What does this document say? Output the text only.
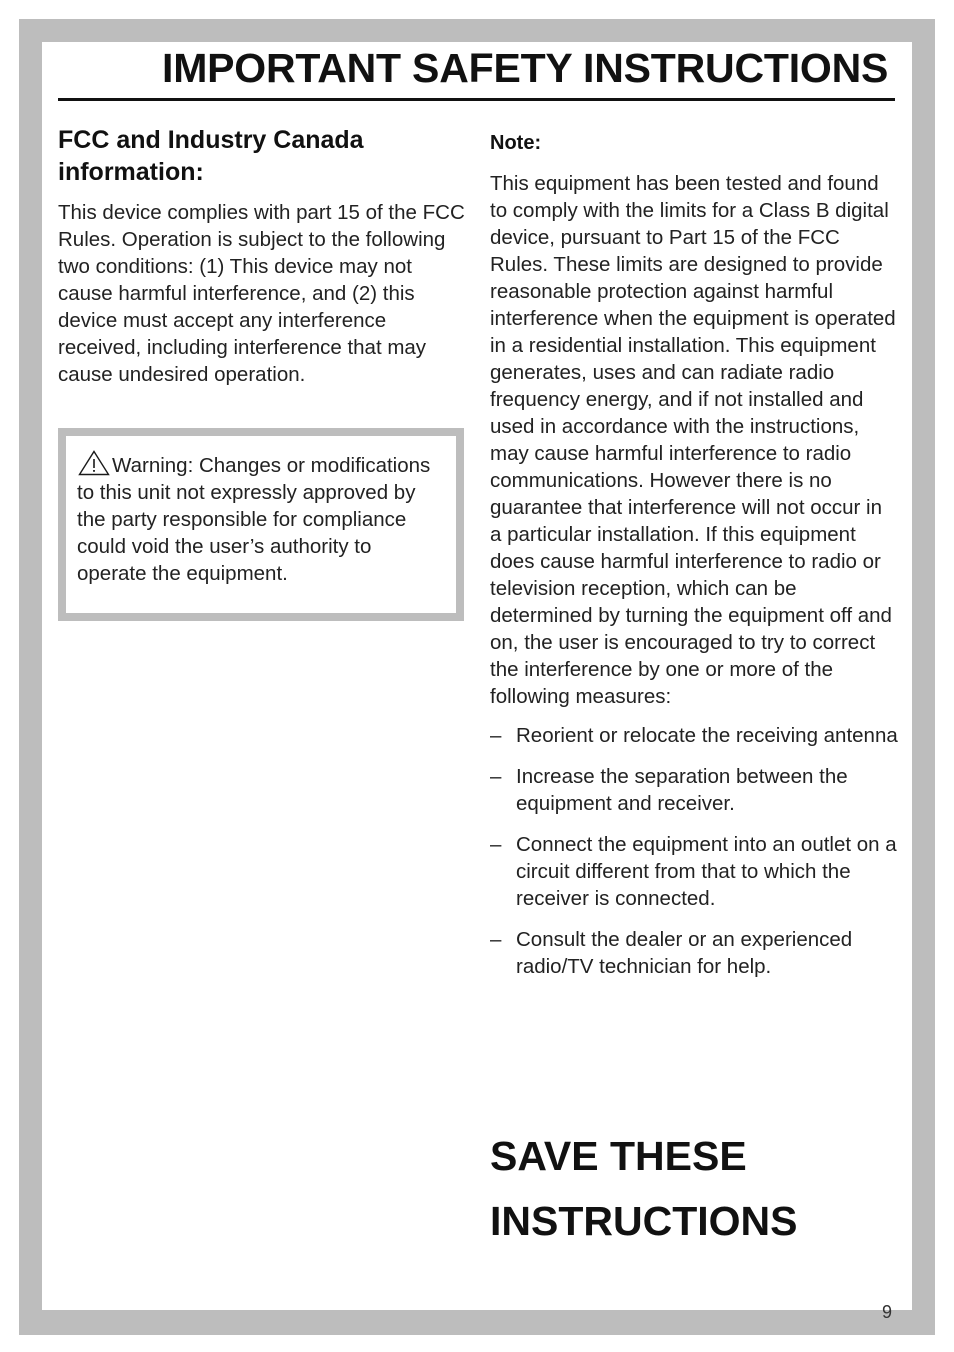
IMPORTANT SAFETY INSTRUCTIONS
FCC and Industry Canada information:

This device complies with part 15 of the FCC Rules. Operation is subject to the following two conditions: (1) This device may not cause harmful interference, and (2) this device must accept any interference received, including interference that may cause undesired operation.

Warning: Changes or modifications to this unit not expressly approved by the party responsible for compliance could void the user’s authority to operate the equipment.

Note:

This equipment has been tested and found to comply with the limits for a Class B digital device, pursuant to Part 15 of the FCC Rules. These limits are designed to provide reasonable protection against harmful interference when the equipment is operated in a residential installation. This equipment generates, uses and can radiate radio frequency energy, and if not installed and used in accordance with the instructions, may cause harmful interference to radio communications. However there is no guarantee that interference will not occur in a particular installation. If this equipment does cause harmful interference to radio or television reception, which can be determined by turning the equipment off and on, the user is encouraged to try to correct the interference by one or more of the following measures:

– Reorient or relocate the receiving antenna
– Increase the separation between the equipment and receiver.
– Connect the equipment into an outlet on a circuit different from that to which the receiver is connected.
– Consult the dealer or an experienced radio/TV technician for help.
SAVE THESE
INSTRUCTIONS
9
